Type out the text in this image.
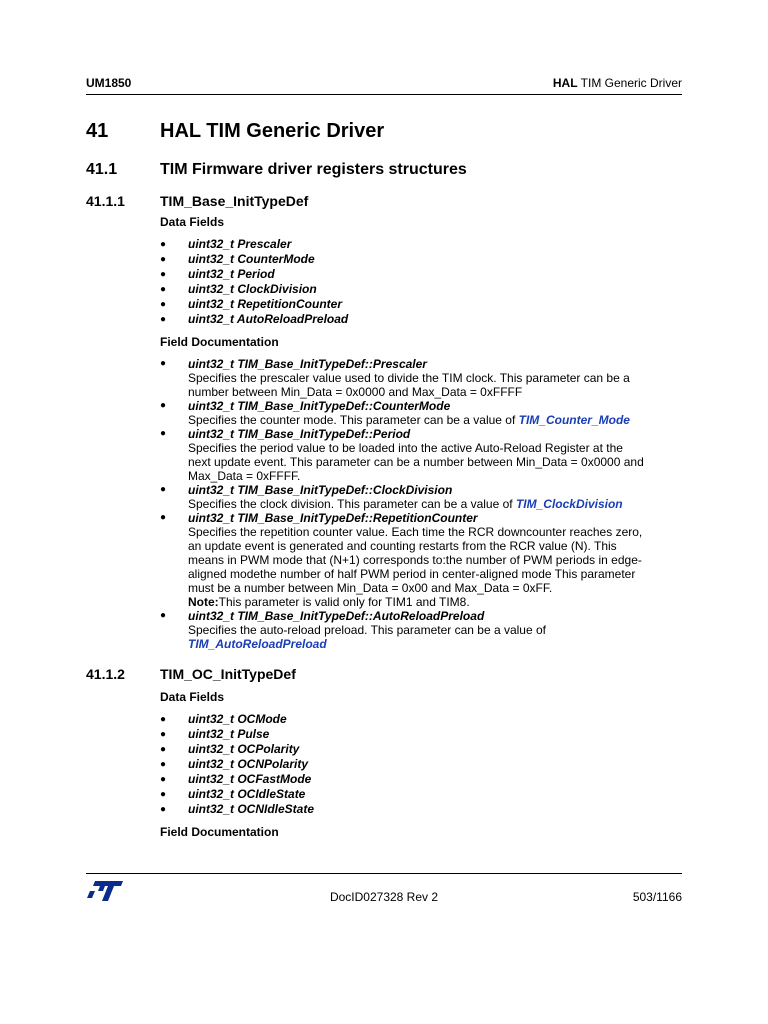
UM1850	HAL TIM Generic Driver
41	HAL TIM Generic Driver
41.1	TIM Firmware driver registers structures
41.1.1	TIM_Base_InitTypeDef
Data Fields
● uint32_t Prescaler
● uint32_t CounterMode
● uint32_t Period
● uint32_t ClockDivision
● uint32_t RepetitionCounter
● uint32_t AutoReloadPreload
Field Documentation
● uint32_t TIM_Base_InitTypeDef::Prescaler
Specifies the prescaler value used to divide the TIM clock. This parameter can be a
number between Min_Data = 0x0000 and Max_Data = 0xFFFF
● uint32_t TIM_Base_InitTypeDef::CounterMode
Specifies the counter mode. This parameter can be a value of TIM_Counter_Mode
● uint32_t TIM_Base_InitTypeDef::Period
Specifies the period value to be loaded into the active Auto-Reload Register at the
next update event. This parameter can be a number between Min_Data = 0x0000 and
Max_Data = 0xFFFF.
● uint32_t TIM_Base_InitTypeDef::ClockDivision
Specifies the clock division. This parameter can be a value of TIM_ClockDivision
● uint32_t TIM_Base_InitTypeDef::RepetitionCounter
Specifies the repetition counter value. Each time the RCR downcounter reaches zero,
an update event is generated and counting restarts from the RCR value (N). This
means in PWM mode that (N+1) corresponds to:the number of PWM periods in edge-
aligned modethe number of half PWM period in center-aligned mode This parameter
must be a number between Min_Data = 0x00 and Max_Data = 0xFF.
Note:This parameter is valid only for TIM1 and TIM8.
● uint32_t TIM_Base_InitTypeDef::AutoReloadPreload
Specifies the auto-reload preload. This parameter can be a value of
TIM_AutoReloadPreload
41.1.2	TIM_OC_InitTypeDef
Data Fields
● uint32_t OCMode
● uint32_t Pulse
● uint32_t OCPolarity
● uint32_t OCNPolarity
● uint32_t OCFastMode
● uint32_t OCIdleState
● uint32_t OCNIdleState
Field Documentation
DocID027328 Rev 2	503/1166
